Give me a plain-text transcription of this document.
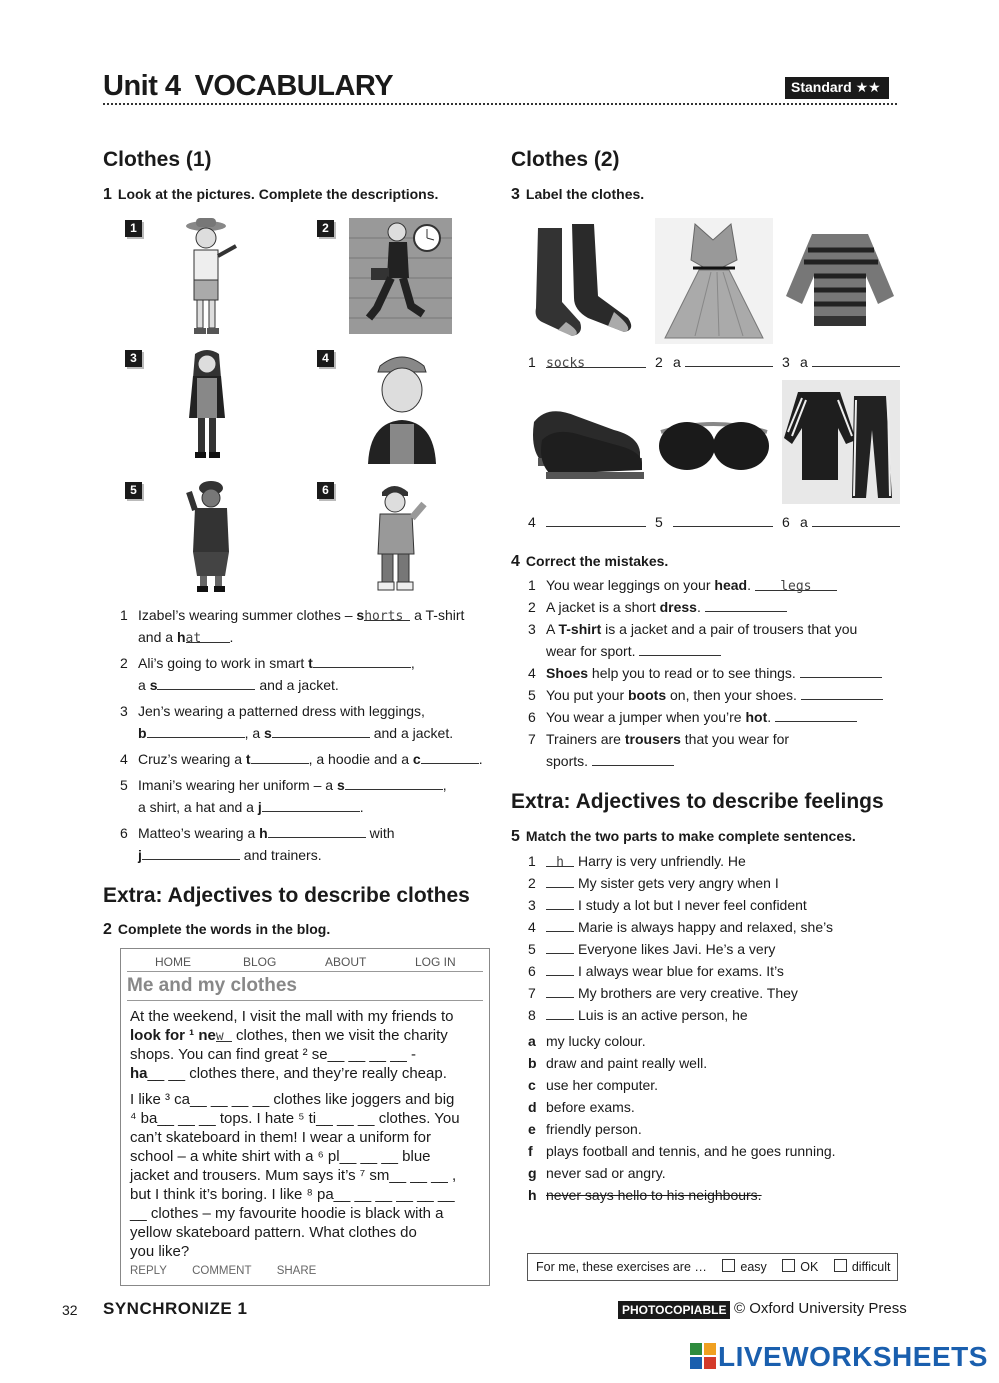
Unit 4 VOCABULARY	Standard ★★
Clothes (1)
1 Look at the pictures. Complete the descriptions.
1	2
3	4
5	6
1 Izabel’s wearing summer clothes – shorts a T-shirt
and a hat .
2 Ali’s going to work in smart t	,
a s	and a jacket.
3 Jen’s wearing a patterned dress with leggings,
b	, a s	and a jacket.
4 Cruz’s wearing a t	, a hoodie and a c	.
5 Imani’s wearing her uniform – a s	,
a shirt, a hat and a j	.
6 Matteo’s wearing a h	with
j	and trainers.
Extra: Adjectives to describe clothes
2 Complete the words in the blog.
HOME	BLOG	ABOUT	LOG IN
Me and my clothes
At the weekend, I visit the mall with my friends to
look for ¹ new clothes, then we visit the charity
shops. You can find great ² se__ __ __ __ -
ha__ __ clothes there, and they’re really cheap.
I like ³ ca__ __ __ __ clothes like joggers and big
⁴ ba__ __ __ tops. I hate ⁵ ti__ __ __ clothes. You
can’t skateboard in them! I wear a uniform for
school – a white shirt with a ⁶ pl__ __ __ blue
jacket and trousers. Mum says it’s ⁷ sm__ __ __ ,
but I think it’s boring. I like ⁸ pa__ __ __ __ __ __
__ clothes – my favourite hoodie is black with a
yellow skateboard pattern. What clothes do
you like?
REPLY COMMENT SHARE
Clothes (2)
3 Label the clothes.
1 socks	2 a	3 a
4	5	6 a
4 Correct the mistakes.
1 You wear leggings on your head. legs
2 A jacket is a short dress.
3 A T-shirt is a jacket and a pair of trousers that you
wear for sport.
4 Shoes help you to read or to see things.
5 You put your boots on, then your shoes.
6 You wear a jumper when you’re hot.
7 Trainers are trousers that you wear for
sports.
Extra: Adjectives to describe feelings
5 Match the two parts to make complete sentences.
1 h Harry is very unfriendly. He
2	My sister gets very angry when I
3	I study a lot but I never feel confident
4	Marie is always happy and relaxed, she’s
5	Everyone likes Javi. He’s a very
6	I always wear blue for exams. It’s
7	My brothers are very creative. They
8	Luis is an active person, he
a my lucky colour.
b draw and paint really well.
c use her computer.
d before exams.
e friendly person.
f plays football and tennis, and he goes running.
g never sad or angry.
h never says hello to his neighbours.
For me, these exercises are …	easy	OK	difficult
32 SYNCHRONIZE 1	PHOTOCOPIABLE © Oxford University Press
LIVEWORKSHEETS
